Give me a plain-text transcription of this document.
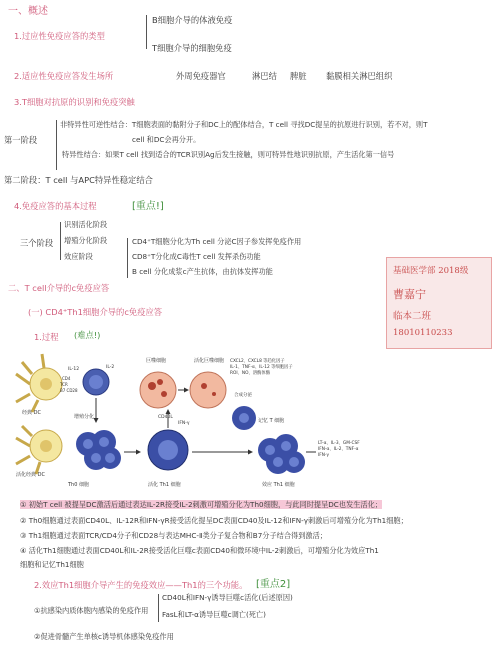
一、概述
1.过应性免疫应答的类型
B细胞介导的体液免疫
T细胞介导的细胞免疫
2.适应性免疫应答发生场所	外周免疫器官	淋巴结 脾脏 黏膜相关淋巴组织
3.T细胞对抗原的识别和免疫突触
第一阶段
非特异性可逆性结合：T细胞表面的黏附分子和DC上的配体结合，T cell 寻找DC提呈的抗原进行识别，若不对，则T
cell 和DC会再分开。
特异性结合：如果T cell 找到适合的TCR识别Ag后发生接触，则可特异性地识别抗原，产生活化第一信号
第二阶段：T cell 与APC特异性稳定结合
4.免疫应答的基本过程	[重点!]
三个阶段
识别活化阶段
增殖分化阶段
效应阶段
CD4⁺T细胞分化为Th cell 分泌C因子参发挥免疫作用
CD8⁺T分化成C毒性T cell 发挥杀伤功能
B cell 分化成浆c产生抗体，由抗体发挥功能
二、T cell介导的c免疫应答
(一) CD4⁺Th1细胞介导的c免疫应答
1.过程 (难点!)
基础医学部 2018级
曹嘉宁
临本二班
18010110233
经典 DC
IL-12	IL-2
CD4
TCR
B7 CD28
增殖分化
活化经典 DC
Th0 细胞	活化 Th1 细胞
CD40L
IFN-γ
巨噬细胞	活化巨噬细胞 CXCL2、CXCL8 等趋化因子 IL-1、TNF-α、IL-12 等细胞因子 ROI、NO、溶酶体酶
合成分泌
记忆 T 细胞
效应 Th1 细胞
LT-α、IL-3、GM-CSF IFN-α、IL-2、TNF-α IFN-γ
① 初始T cell 被提呈DC激活后通过表达IL-2R接受IL-2刺激可增殖分化为Th0细胞，与此同时提呈DC也发生活化；
② Th0细胞通过表面CD40L、IL-12R和IFN-γR接受活化提呈DC表面CD40及IL-12和IFN-γ刺激后可增殖分化为Th1细胞；
③ Th1细胞通过表面TCR/CD4分子和CD28与表达MHC-Ⅱ类分子复合物和B7分子结合得到激活；
④ 活化Th1细胞通过表面CD40L和IL-2R接受活化巨噬c表面CD40和微环境中IL-2刺激后，可增殖分化为效应Th1
细胞和记忆Th1细胞
2.效应Th1细胞介导产生的免疫效应——Th1的三个功能。 [重点2]
①抗感染内质体胞内感染的免疫作用
CD40L和IFN-γ诱导巨噬c活化(后述原因)
FasL和LT-α诱导巨噬c调亡(死亡)
②促进骨髓产生单核c诱导机体感染免疫作用
